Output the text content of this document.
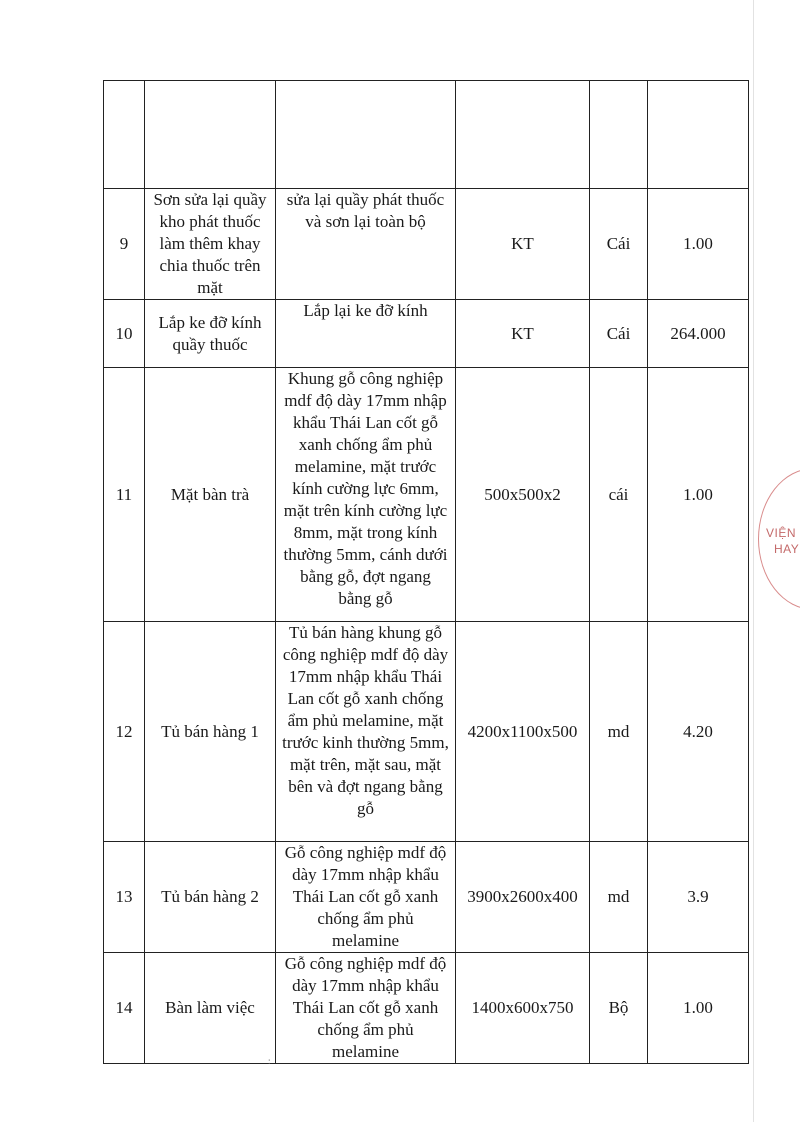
9	Sơn sửa lại quầy kho phát thuốc làm thêm khay chia thuốc trên mặt	sửa lại quầy phát thuốc và sơn lại toàn bộ	KT	Cái	1.00
10	Lắp ke đỡ kính quầy thuốc	Lắp lại ke đỡ kính	KT	Cái	264.000
11	Mặt bàn trà	Khung gỗ công nghiệp mdf độ dày 17mm nhập khẩu Thái Lan cốt gỗ xanh chống ẩm phủ melamine, mặt trước kính cường lực 6mm, mặt trên kính cường lực 8mm, mặt trong kính thường 5mm, cánh dưới bằng gỗ, đợt ngang bằng gỗ	500x500x2	cái	1.00
12	Tủ bán hàng 1	Tủ bán hàng khung gỗ công nghiệp mdf độ dày 17mm nhập khẩu Thái Lan cốt gỗ xanh chống ẩm phủ melamine, mặt trước kinh thường 5mm, mặt trên, mặt sau, mặt bên và đợt ngang bằng gỗ	4200x1100x500	md	4.20
13	Tủ bán hàng 2	Gỗ công nghiệp mdf độ dày 17mm nhập khẩu Thái Lan cốt gỗ xanh chống ẩm phủ melamine	3900x2600x400	md	3.9
14	Bàn làm việc	Gỗ công nghiệp mdf độ dày 17mm nhập khẩu Thái Lan cốt gỗ xanh chống ẩm phủ melamine	1400x600x750	Bộ	1.00
VIỆN
HAY
:
